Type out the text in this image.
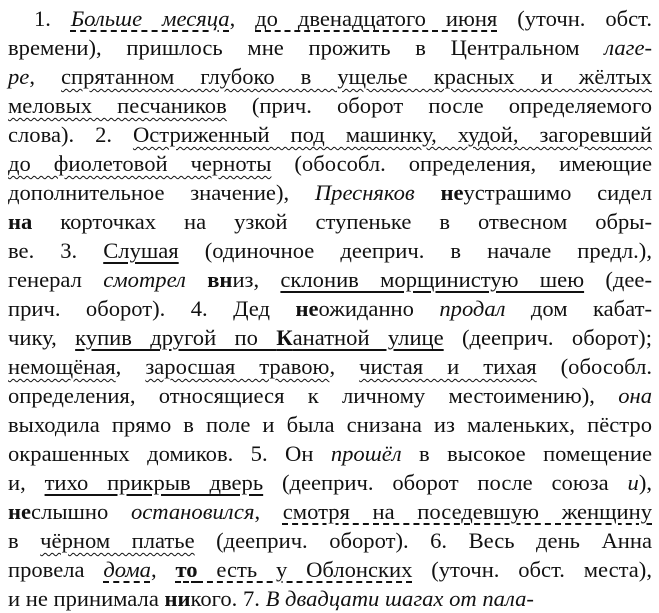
1. Больше месяца, до двенадцатого июня (уточн. обст.
времени), пришлось мне прожить в Центральном лаге-
ре, спрятанном глубоко в ущелье красных и жёлтых
меловых песчаников (прич. оборот после определяемого
слова). 2. Остриженный под машинку, худой, загоревший
до фиолетовой черноты (обособл. определения, имеющие
дополнительное значение), Пресняков неустрашимо сидел
на корточках на узкой ступеньке в отвесном обры-
ве. 3. Слушая (одиночное дееприч. в начале предл.),
генерал смотрел вниз, склонив морщинистую шею (дее-
прич. оборот). 4. Дед неожиданно продал дом кабат-
чику, купив другой по Канатной улице (дееприч. оборот);
немощёная, заросшая травою, чистая и тихая (обособл.
определения, относящиеся к личному местоимению), она
выходила прямо в поле и была снизана из маленьких, пёстро
окрашенных домиков. 5. Он прошёл в высокое помещение
и, тихо прикрыв дверь (дееприч. оборот после союза и),
неслышно остановился, смотря на поседевшую женщину
в чёрном платье (дееприч. оборот). 6. Весь день Анна
провела дома, то есть у Облонских (уточн. обст. места),
и не принимала никого. 7. В двадцати шагах от пала-
